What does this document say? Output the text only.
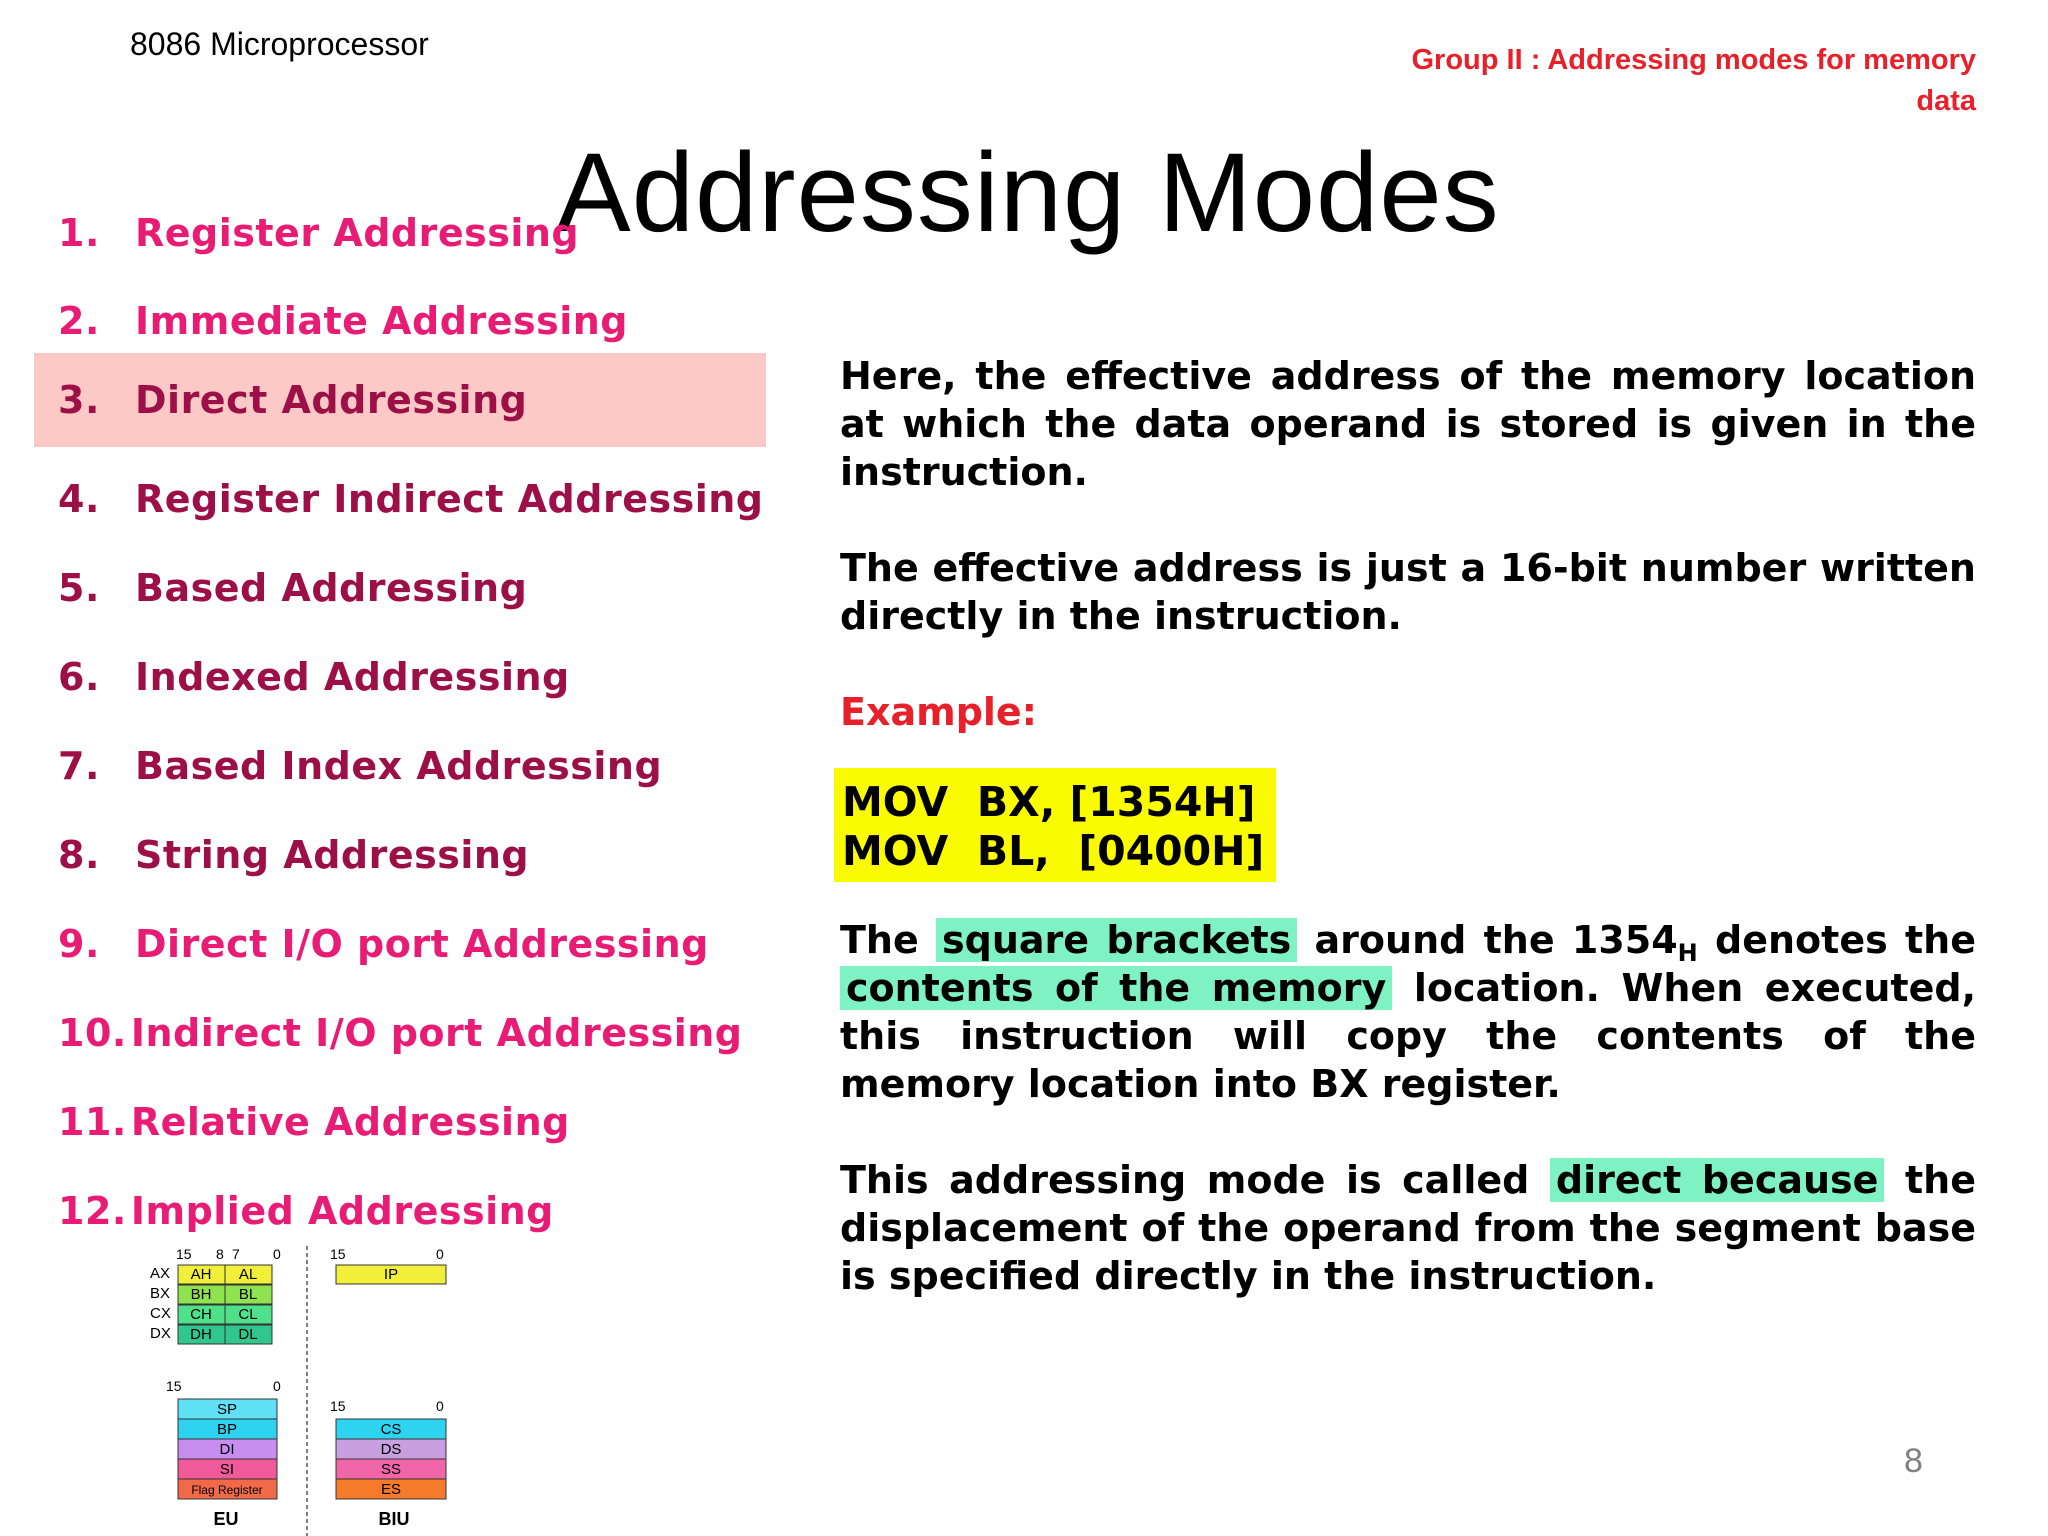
8086 Microprocessor	Group II : Addressing modes for memory
data
Addressing Modes
1. Register Addressing
2. Immediate Addressing
3. Direct Addressing
4. Register Indirect Addressing
5. Based Addressing
6. Indexed Addressing
7. Based Index Addressing
8. String Addressing
9. Direct I/O port Addressing
10. Indirect I/O port Addressing
11. Relative Addressing
12. Implied Addressing

Here, the effective address of the memory location at which the data operand is stored is given in the instruction.

The effective address is just a 16-bit number written directly in the instruction.

Example:
MOV  BX, [1354H]
MOV  BL,  [0400H]

The square brackets around the $1354_H$ denotes the contents of the memory location. When executed, this instruction will copy the contents of the memory location into BX register.

This addressing mode is called direct because the displacement of the operand from the segment base is specified directly in the instruction.

15 8 7 0
AX AH AL
BX BH BL
CX CH CL
DX DH DL
15	0
IP
15	0
SP
BP
DI
SI
Flag Register
15	0
CS
DS
SS
ES
EU	BIU
8
